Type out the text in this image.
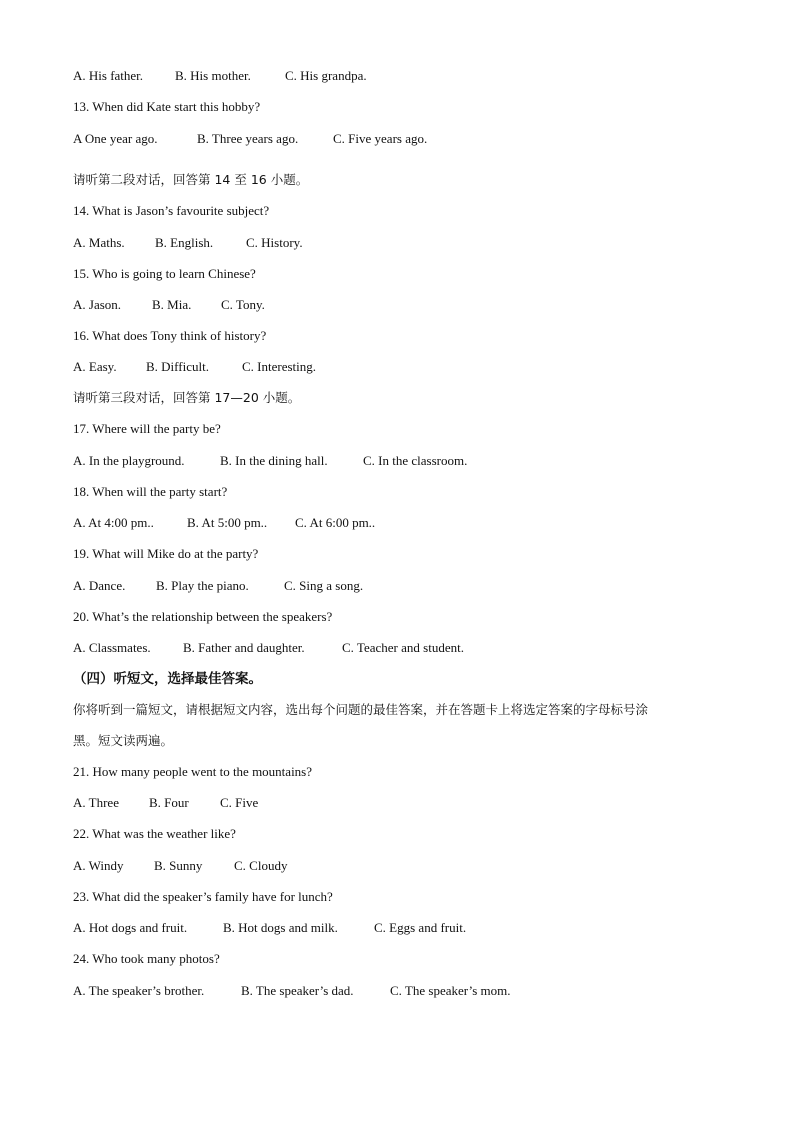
A. His father. B. His mother.	C. His grandpa.
13. When did Kate start this hobby?
A One year ago.	B. Three years ago.	C. Five years ago.
请听第二段对话，回答第 14 至 16 小题。
14. What is Jason’s favourite subject?
A. Maths. B. English.	C. History.
15. Who is going to learn Chinese?
A. Jason. B. Mia. C. Tony.
16. What does Tony think of history?
A. Easy. B. Difficult.	C. Interesting.
请听第三段对话，回答第 17—20 小题。
17. Where will the party be?
A. In the playground.	B. In the dining hall.	C. In the classroom.
18. When will the party start?
A. At 4:00 pm..	B. At 5:00 pm.. C. At 6:00 pm..
19. What will Mike do at the party?
A. Dance. B. Play the piano.	C. Sing a song.
20. What’s the relationship between the speakers?
A. Classmates. B. Father and daughter.	C. Teacher and student.
（四）听短文，选择最佳答案。
你将听到一篇短文，请根据短文内容，选出每个问题的最佳答案，并在答题卡上将选定答案的字母标号涂
黑。短文读两遍。
21. How many people went to the mountains?
A. Three B. Four C. Five
22. What was the weather like?
A. Windy B. Sunny C. Cloudy
23. What did the speaker’s family have for lunch?
A. Hot dogs and fruit.	B. Hot dogs and milk.	C. Eggs and fruit.
24. Who took many photos?
A. The speaker’s brother.	B. The speaker’s dad.	C. The speaker’s mom.
